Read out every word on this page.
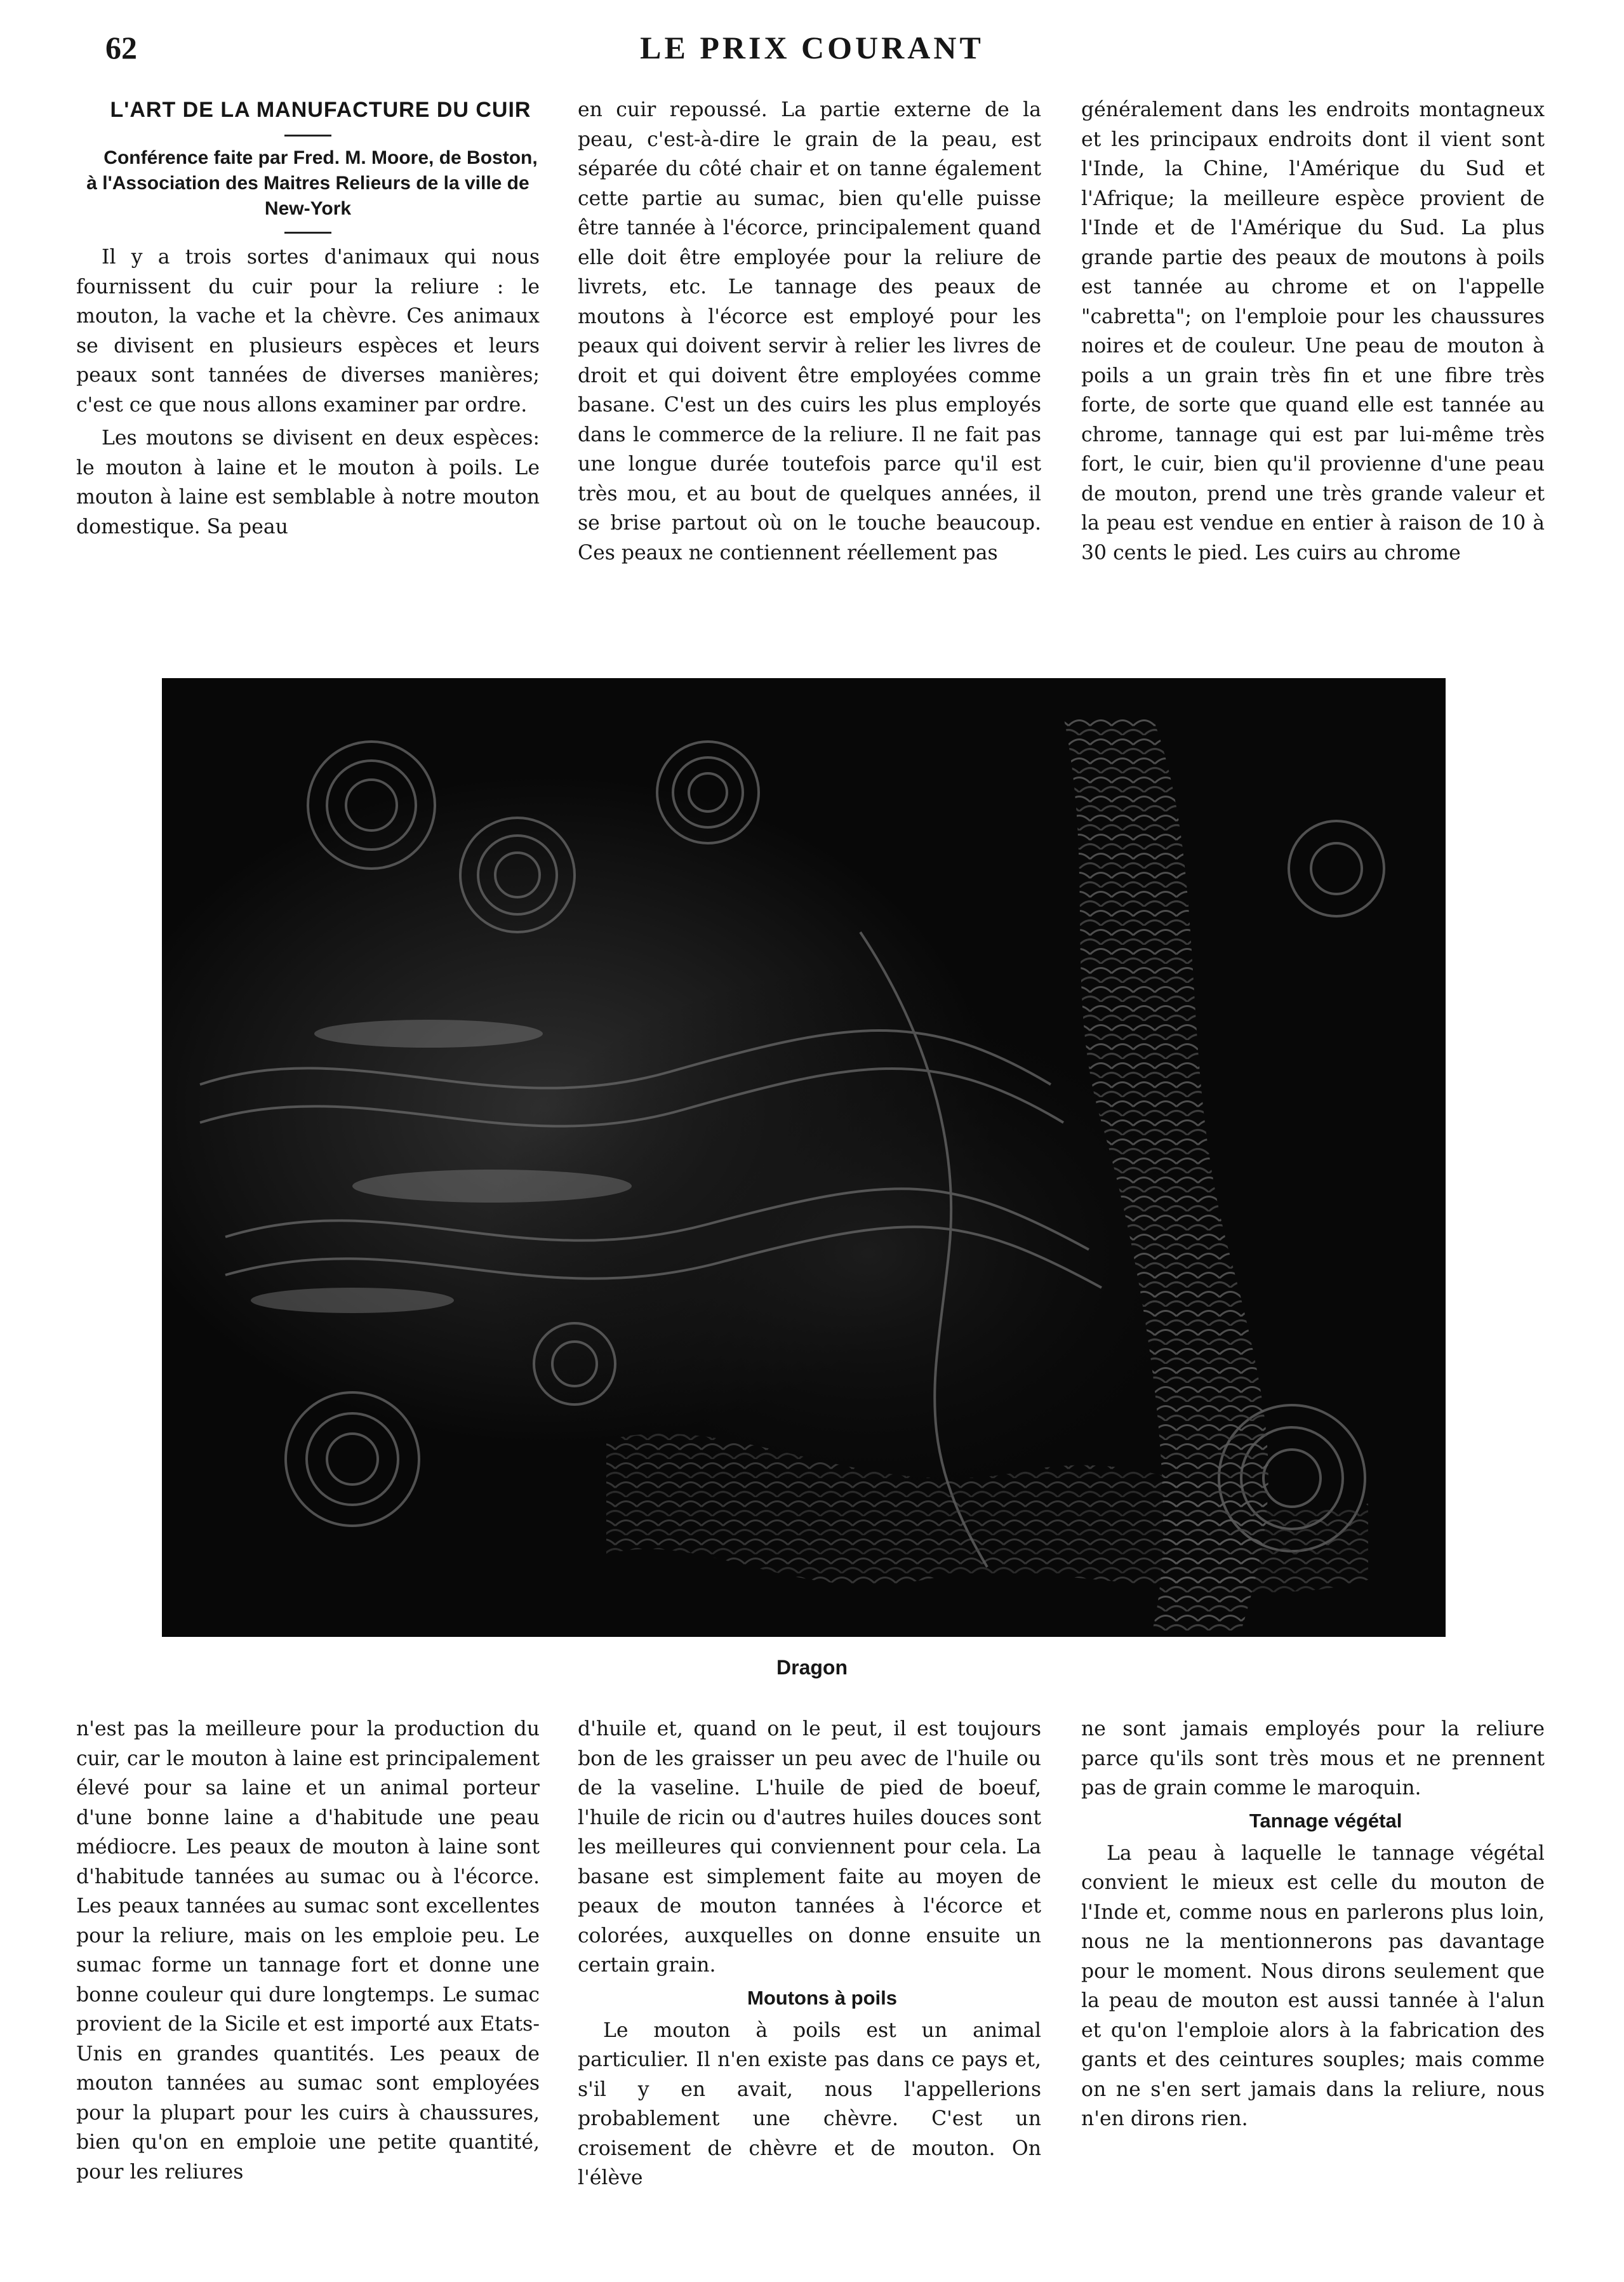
62	LE PRIX COURANT

L'ART DE LA MANUFACTURE DU CUIR

Conférence faite par Fred. M. Moore, de Boston, à l'Association des Maitres Relieurs de la ville de New-York

Il y a trois sortes d'animaux qui nous fournissent du cuir pour la reliure : le mouton, la vache et la chèvre. Ces animaux se divisent en plusieurs espèces et leurs peaux sont tannées de diverses manières; c'est ce que nous allons examiner par ordre.

Les moutons se divisent en deux espèces: le mouton à laine et le mouton à poils. Le mouton à laine est semblable à notre mouton domestique. Sa peau

en cuir repoussé. La partie externe de la peau, c'est-à-dire le grain de la peau, est séparée du côté chair et on tanne également cette partie au sumac, bien qu'elle puisse être tannée à l'écorce, principalement quand elle doit être employée pour la reliure de livrets, etc. Le tannage des peaux de moutons à l'écorce est employé pour les peaux qui doivent servir à relier les livres de droit et qui doivent être employées comme basane. C'est un des cuirs les plus employés dans le commerce de la reliure. Il ne fait pas une longue durée toutefois parce qu'il est très mou, et au bout de quelques années, il se brise partout où on le touche beaucoup. Ces peaux ne contiennent réellement pas

généralement dans les endroits montagneux et les principaux endroits dont il vient sont l'Inde, la Chine, l'Amérique du Sud et l'Afrique; la meilleure espèce provient de l'Inde et de l'Amérique du Sud. La plus grande partie des peaux de moutons à poils est tannée au chrome et on l'appelle "cabretta"; on l'emploie pour les chaussures noires et de couleur. Une peau de mouton à poils a un grain très fin et une fibre très forte, de sorte que quand elle est tannée au chrome, tannage qui est par lui-même très fort, le cuir, bien qu'il provienne d'une peau de mouton, prend une très grande valeur et la peau est vendue en entier à raison de 10 à 30 cents le pied. Les cuirs au chrome

Dragon

n'est pas la meilleure pour la production du cuir, car le mouton à laine est principalement élevé pour sa laine et un animal porteur d'une bonne laine a d'habitude une peau médiocre. Les peaux de mouton à laine sont d'habitude tannées au sumac ou à l'écorce. Les peaux tannées au sumac sont excellentes pour la reliure, mais on les emploie peu. Le sumac forme un tannage fort et donne une bonne couleur qui dure longtemps. Le sumac provient de la Sicile et est importé aux Etats-Unis en grandes quantités. Les peaux de mouton tannées au sumac sont employées pour la plupart pour les cuirs à chaussures, bien qu'on en emploie une petite quantité, pour les reliures

d'huile et, quand on le peut, il est toujours bon de les graisser un peu avec de l'huile ou de la vaseline. L'huile de pied de boeuf, l'huile de ricin ou d'autres huiles douces sont les meilleures qui conviennent pour cela. La basane est simplement faite au moyen de peaux de mouton tannées à l'écorce et colorées, auxquelles on donne ensuite un certain grain.

Moutons à poils

Le mouton à poils est un animal particulier. Il n'en existe pas dans ce pays et, s'il y en avait, nous l'appellerions probablement une chèvre. C'est un croisement de chèvre et de mouton. On l'élève

ne sont jamais employés pour la reliure parce qu'ils sont très mous et ne prennent pas de grain comme le maroquin.

Tannage végétal

La peau à laquelle le tannage végétal convient le mieux est celle du mouton de l'Inde et, comme nous en parlerons plus loin, nous ne la mentionnerons pas davantage pour le moment. Nous dirons seulement que la peau de mouton est aussi tannée à l'alun et qu'on l'emploie alors à la fabrication des gants et des ceintures souples; mais comme on ne s'en sert jamais dans la reliure, nous n'en dirons rien.
